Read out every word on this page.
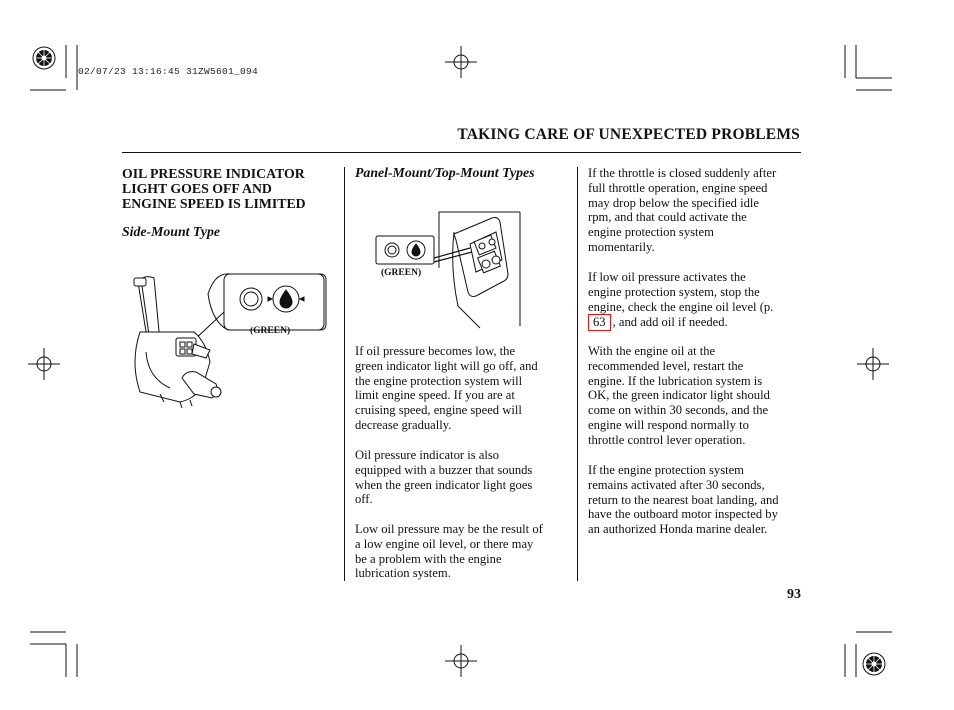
02/07/23 13:16:45 31ZW5601_094
TAKING CARE OF UNEXPECTED PROBLEMS
OIL PRESSURE INDICATOR
LIGHT GOES OFF AND
ENGINE SPEED IS LIMITED
Side-Mount Type
(GREEN)
Panel-Mount/Top-Mount Types
(GREEN)
If oil pressure becomes low, the
green indicator light will go off, and
the engine protection system will
limit engine speed. If you are at
cruising speed, engine speed will
decrease gradually.
Oil pressure indicator is also
equipped with a buzzer that sounds
when the green indicator light goes
off.
Low oil pressure may be the result of
a low engine oil level, or there may
be a problem with the engine
lubrication system.
If the throttle is closed suddenly after
full throttle operation, engine speed
may drop below the specified idle
rpm, and that could activate the
engine protection system
momentarily.
If low oil pressure activates the
engine protection system, stop the
engine, check the engine oil level (p.
63 , and add oil if needed.
With the engine oil at the
recommended level, restart the
engine. If the lubrication system is
OK, the green indicator light should
come on within 30 seconds, and the
engine will respond normally to
throttle control lever operation.
If the engine protection system
remains activated after 30 seconds,
return to the nearest boat landing, and
have the outboard motor inspected by
an authorized Honda marine dealer.
93
